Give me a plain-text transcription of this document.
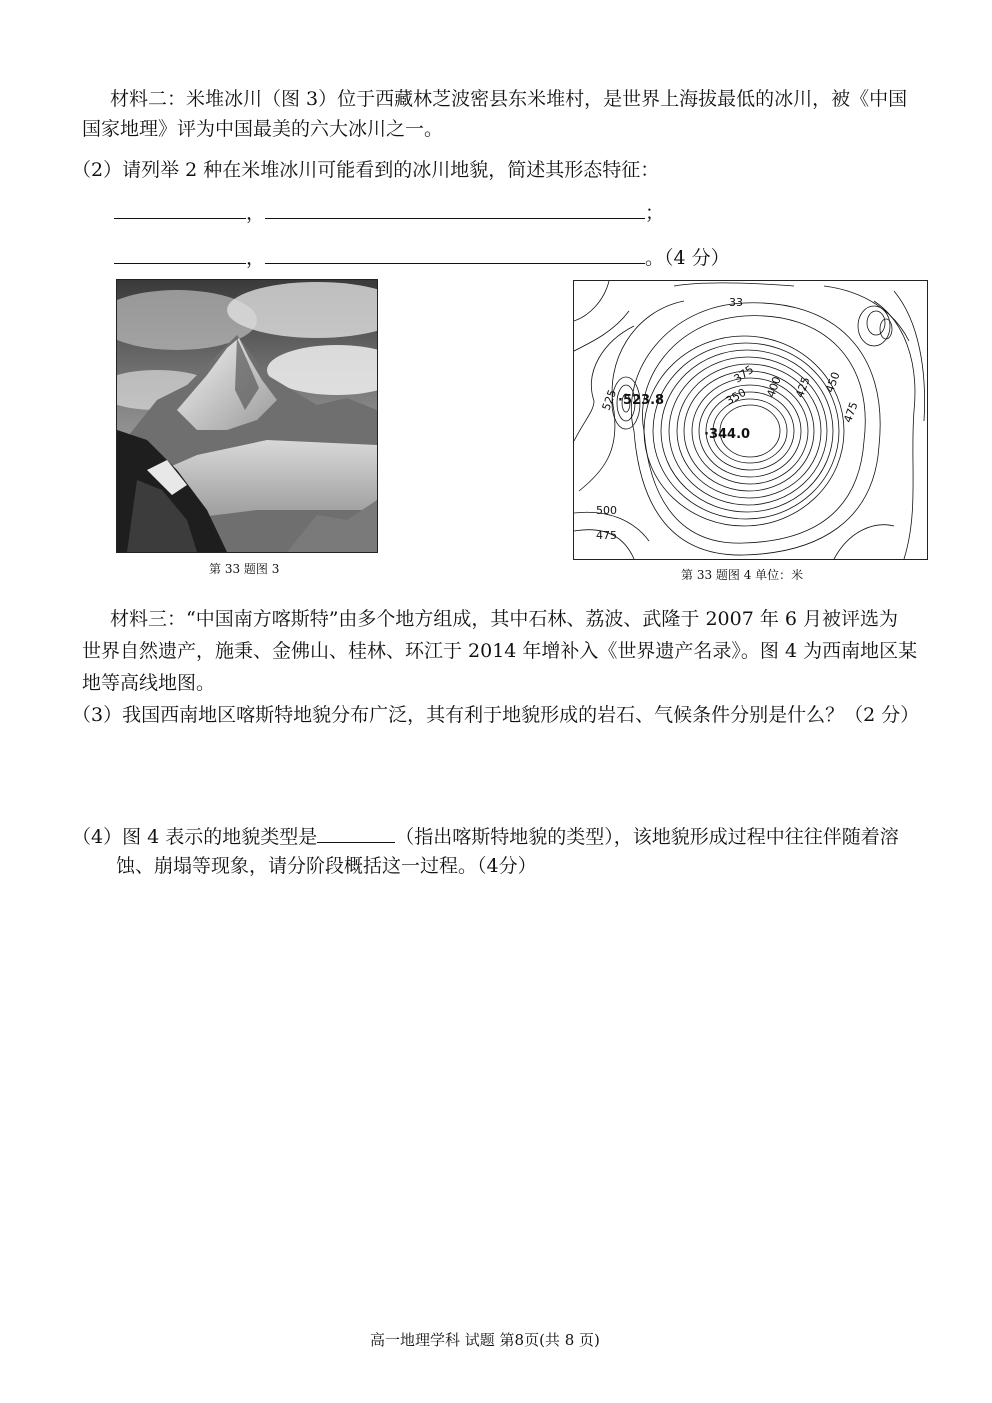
材料二：米堆冰川（图 3）位于西藏林芝波密县东米堆村，是世界上海拔最低的冰川，被《中国
国家地理》评为中国最美的六大冰川之一。
（2）请列举 2 种在米堆冰川可能看到的冰川地貌，简述其形态特征：
，	；
，	。（4 分）
第 33 题图 3
33
525
·523.8
375
400 425 450
475
350
·344.0
500
475
第 33 题图 4 单位：米
材料三：“中国南方喀斯特”由多个地方组成，其中石林、荔波、武隆于 2007 年 6 月被评选为
世界自然遗产，施秉、金佛山、桂林、环江于 2014 年增补入《世界遗产名录》。图 4 为西南地区某
地等高线地图。
（3）我国西南地区喀斯特地貌分布广泛，其有利于地貌形成的岩石、气候条件分别是什么？（2 分）
（4）图 4 表示的地貌类型是	（指出喀斯特地貌的类型），该地貌形成过程中往往伴随着溶
蚀、崩塌等现象，请分阶段概括这一过程。（4分）
高一地理学科 试题 第8页(共 8 页)
